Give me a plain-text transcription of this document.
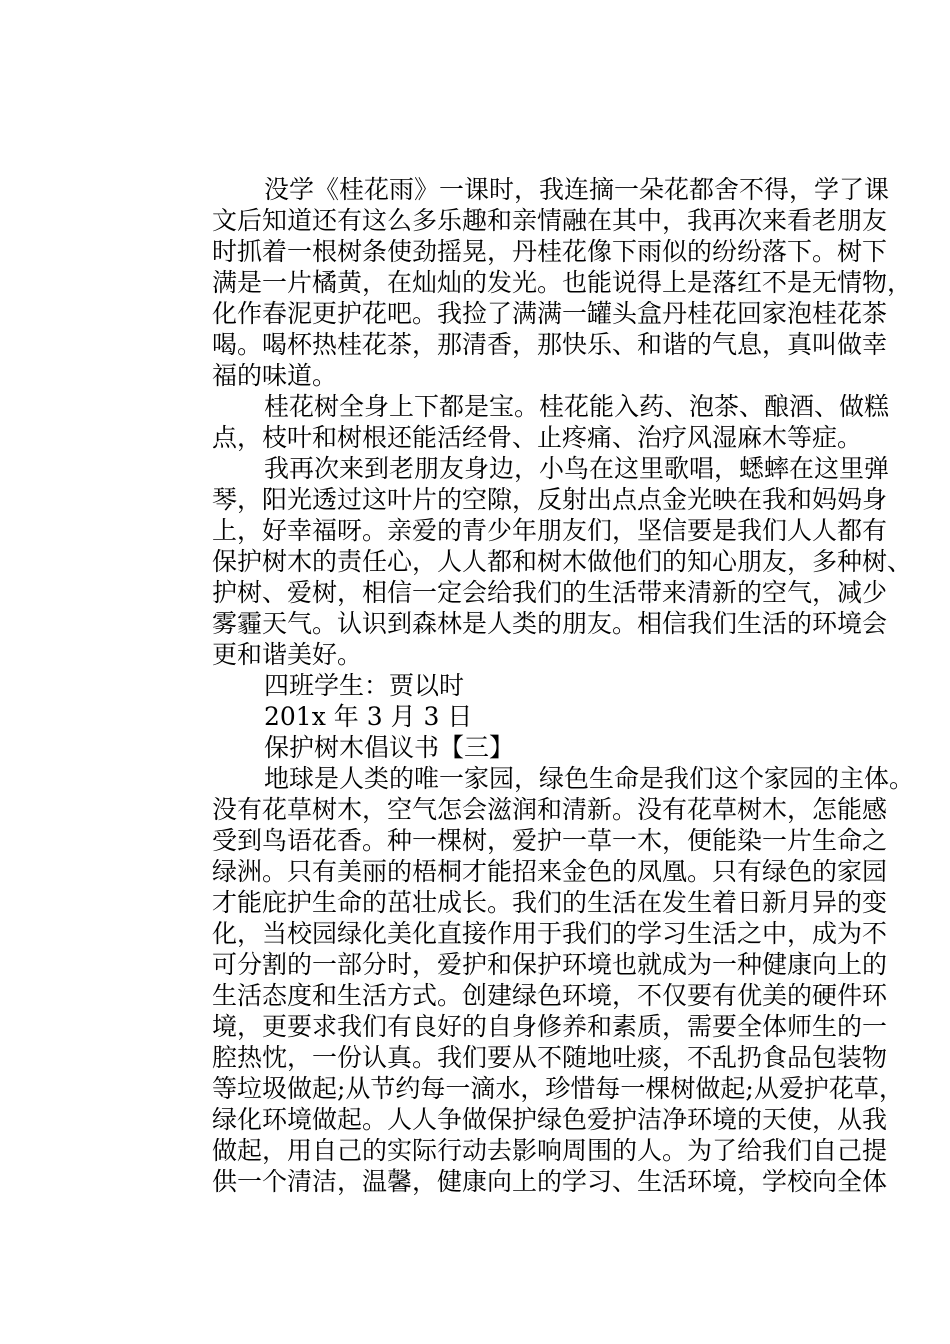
没学《桂花雨》一课时，我连摘一朵花都舍不得，学了课
文后知道还有这么多乐趣和亲情融在其中，我再次来看老朋友
时抓着一根树条使劲摇晃，丹桂花像下雨似的纷纷落下。树下
满是一片橘黄，在灿灿的发光。也能说得上是落红不是无情物，
化作春泥更护花吧。我捡了满满一罐头盒丹桂花回家泡桂花茶
喝。喝杯热桂花茶，那清香，那快乐、和谐的气息，真叫做幸
福的味道。
桂花树全身上下都是宝。桂花能入药、泡茶、酿酒、做糕
点，枝叶和树根还能活经骨、止疼痛、治疗风湿麻木等症。
我再次来到老朋友身边，小鸟在这里歌唱，蟋蟀在这里弹
琴，阳光透过这叶片的空隙，反射出点点金光映在我和妈妈身
上，好幸福呀。亲爱的青少年朋友们，坚信要是我们人人都有
保护树木的责任心，人人都和树木做他们的知心朋友，多种树、
护树、爱树，相信一定会给我们的生活带来清新的空气，减少
雾霾天气。认识到森林是人类的朋友。相信我们生活的环境会
更和谐美好。
四班学生：贾以时
201x 年 3 月 3 日
保护树木倡议书【三】
地球是人类的唯一家园，绿色生命是我们这个家园的主体。
没有花草树木，空气怎会滋润和清新。没有花草树木，怎能感
受到鸟语花香。种一棵树，爱护一草一木，便能染一片生命之
绿洲。只有美丽的梧桐才能招来金色的凤凰。只有绿色的家园
才能庇护生命的茁壮成长。我们的生活在发生着日新月异的变
化，当校园绿化美化直接作用于我们的学习生活之中，成为不
可分割的一部分时，爱护和保护环境也就成为一种健康向上的
生活态度和生活方式。创建绿色环境，不仅要有优美的硬件环
境，更要求我们有良好的自身修养和素质，需要全体师生的一
腔热忱，一份认真。我们要从不随地吐痰，不乱扔食品包装物
等垃圾做起;从节约每一滴水，珍惜每一棵树做起;从爱护花草，
绿化环境做起。人人争做保护绿色爱护洁净环境的天使，从我
做起，用自己的实际行动去影响周围的人。为了给我们自己提
供一个清洁，温馨，健康向上的学习、生活环境，学校向全体
